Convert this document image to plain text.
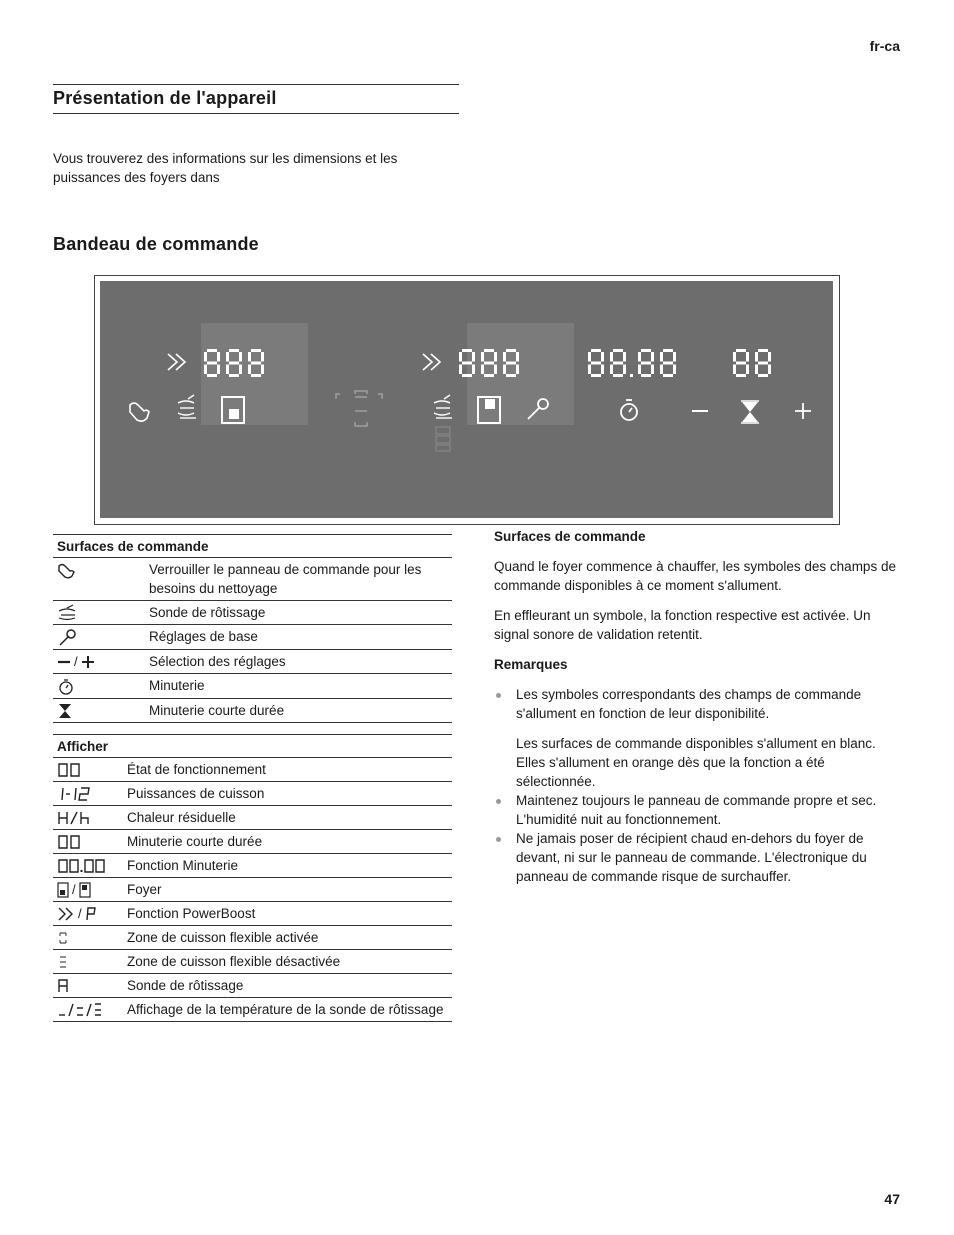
fr-ca
Présentation de l'appareil
Vous trouverez des informations sur les dimensions et les puissances des foyers dans
Bandeau de commande
Surfaces de commande	
	Verrouiller le panneau de commande pour les besoins du nettoyage
	Sonde de rôtissage
	Réglages de base
/	Sélection des réglages
	Minuterie
	Minuterie courte durée
Afficher	
	État de fonctionnement
	Puissances de cuisson
	Chaleur résiduelle
	Minuterie courte durée
	Fonction Minuterie
/	Foyer
/	Fonction PowerBoost
	Zone de cuisson flexible activée
	Zone de cuisson flexible désactivée
	Sonde de rôtissage
	Affichage de la température de la sonde de rôtissage
Surfaces de commande

Quand le foyer commence à chauffer, les symboles des champs de commande disponibles à ce moment s'allument.

En effleurant un symbole, la fonction respective est activée. Un signal sonore de validation retentit.

Remarques

Les symboles correspondants des champs de commande s'allument en fonction de leur disponibilité.

Les surfaces de commande disponibles s'allument en blanc. Elles s'allument en orange dès que la fonction a été sélectionnée.

Maintenez toujours le panneau de commande propre et sec. L'humidité nuit au fonctionnement.

Ne jamais poser de récipient chaud en-dehors du foyer de devant, ni sur le panneau de commande. L'électronique du panneau de commande risque de surchauffer.

47
